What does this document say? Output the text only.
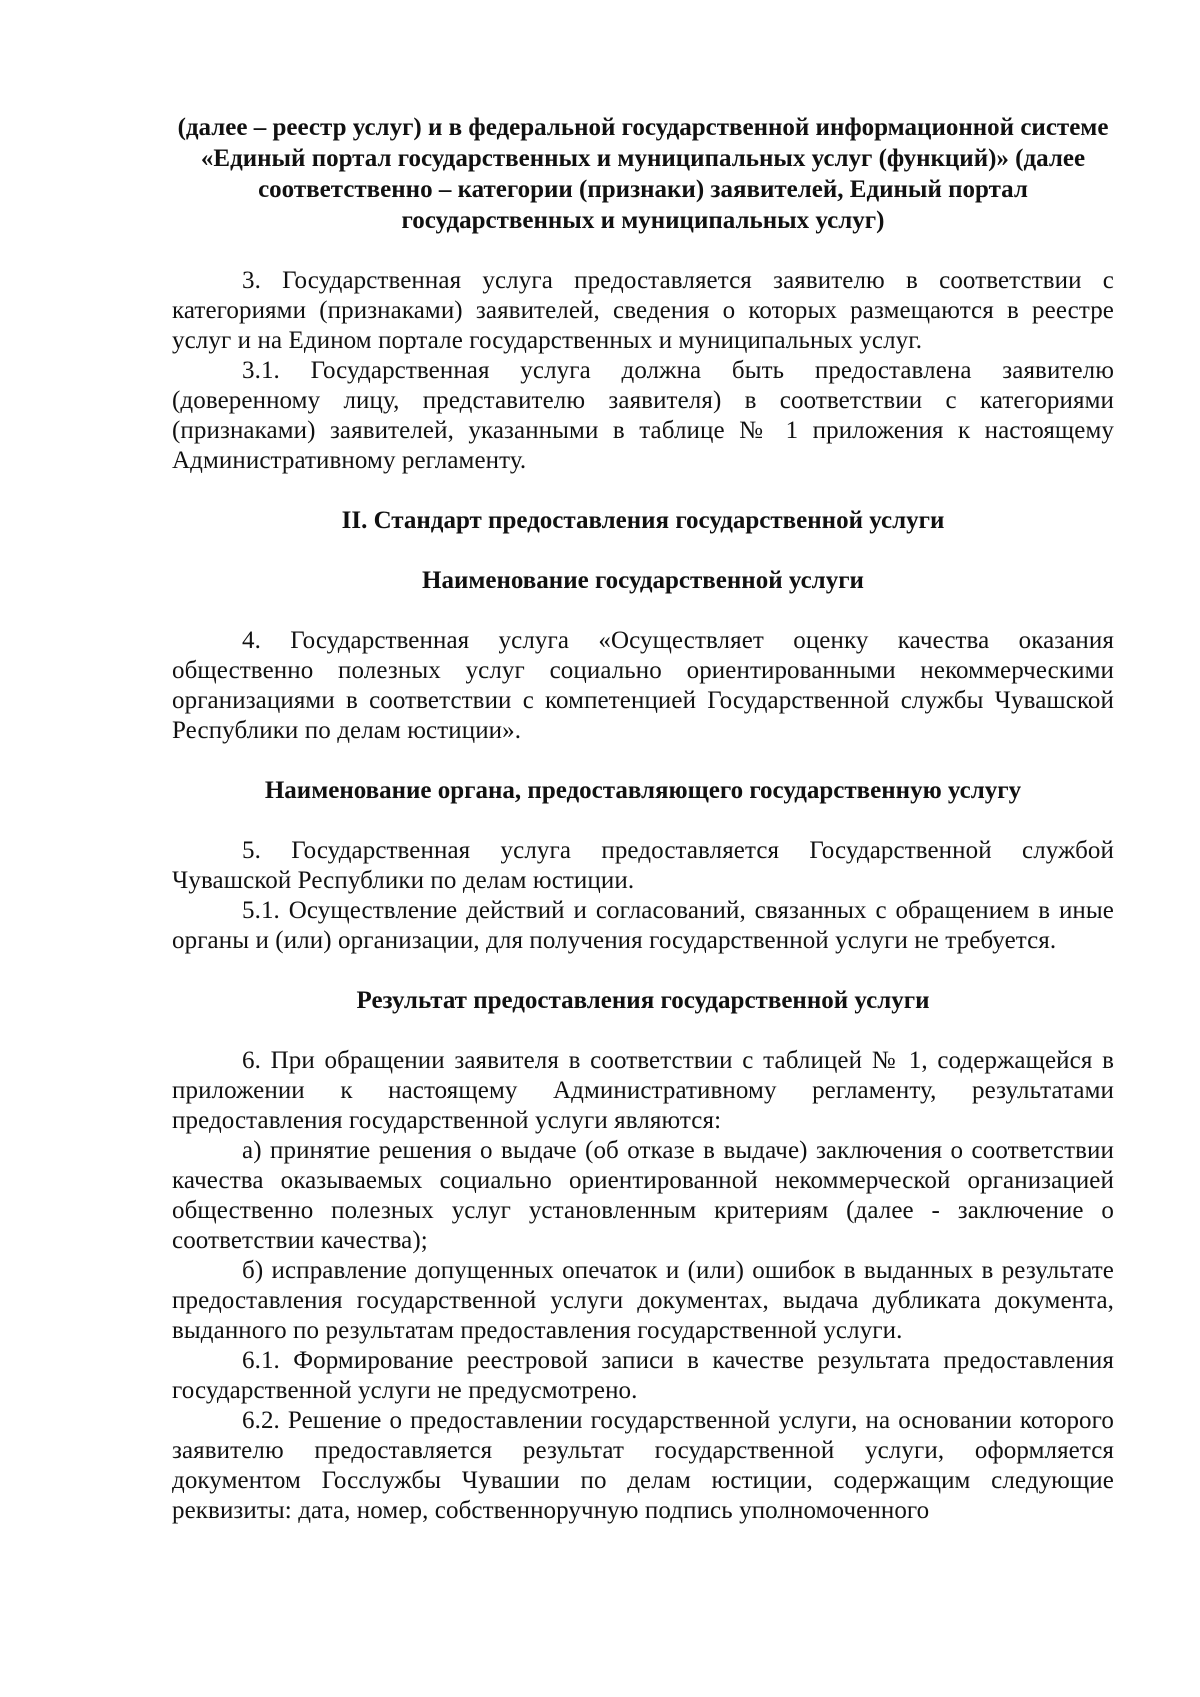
(далее – реестр услуг) и в федеральной государственной информационной системе «Единый портал государственных и муниципальных услуг (функций)» (далее соответственно – категории (признаки) заявителей, Единый портал государственных и муниципальных услуг)

3. Государственная услуга предоставляется заявителю в соответствии с категориями (признаками) заявителей, сведения о которых размещаются в реестре услуг и на Едином портале государственных и муниципальных услуг.

3.1. Государственная услуга должна быть предоставлена заявителю (доверенному лицу, представителю заявителя) в соответствии с категориями (признаками) заявителей, указанными в таблице № 1 приложения к настоящему Административному регламенту.

II. Стандарт предоставления государственной услуги

Наименование государственной услуги

4. Государственная услуга «Осуществляет оценку качества оказания общественно полезных услуг социально ориентированными некоммерческими организациями в соответствии с компетенцией Государственной службы Чувашской Республики по делам юстиции».

Наименование органа, предоставляющего государственную услугу

5. Государственная услуга предоставляется Государственной службой Чувашской Республики по делам юстиции.

5.1. Осуществление действий и согласований, связанных с обращением в иные органы и (или) организации, для получения государственной услуги не требуется.

Результат предоставления государственной услуги

6. При обращении заявителя в соответствии с таблицей № 1, содержащейся в приложении к настоящему Административному регламенту, результатами предоставления государственной услуги являются:

а) принятие решения о выдаче (об отказе в выдаче) заключения о соответствии качества оказываемых социально ориентированной некоммерческой организацией общественно полезных услуг установленным критериям (далее - заключение о соответствии качества);

б) исправление допущенных опечаток и (или) ошибок в выданных в результате предоставления государственной услуги документах, выдача дубликата документа, выданного по результатам предоставления государственной услуги.

6.1. Формирование реестровой записи в качестве результата предоставления государственной услуги не предусмотрено.

6.2. Решение о предоставлении государственной услуги, на основании которого заявителю предоставляется результат государственной услуги, оформляется документом Госслужбы Чувашии по делам юстиции, содержащим следующие реквизиты: дата, номер, собственноручную подпись уполномоченного
